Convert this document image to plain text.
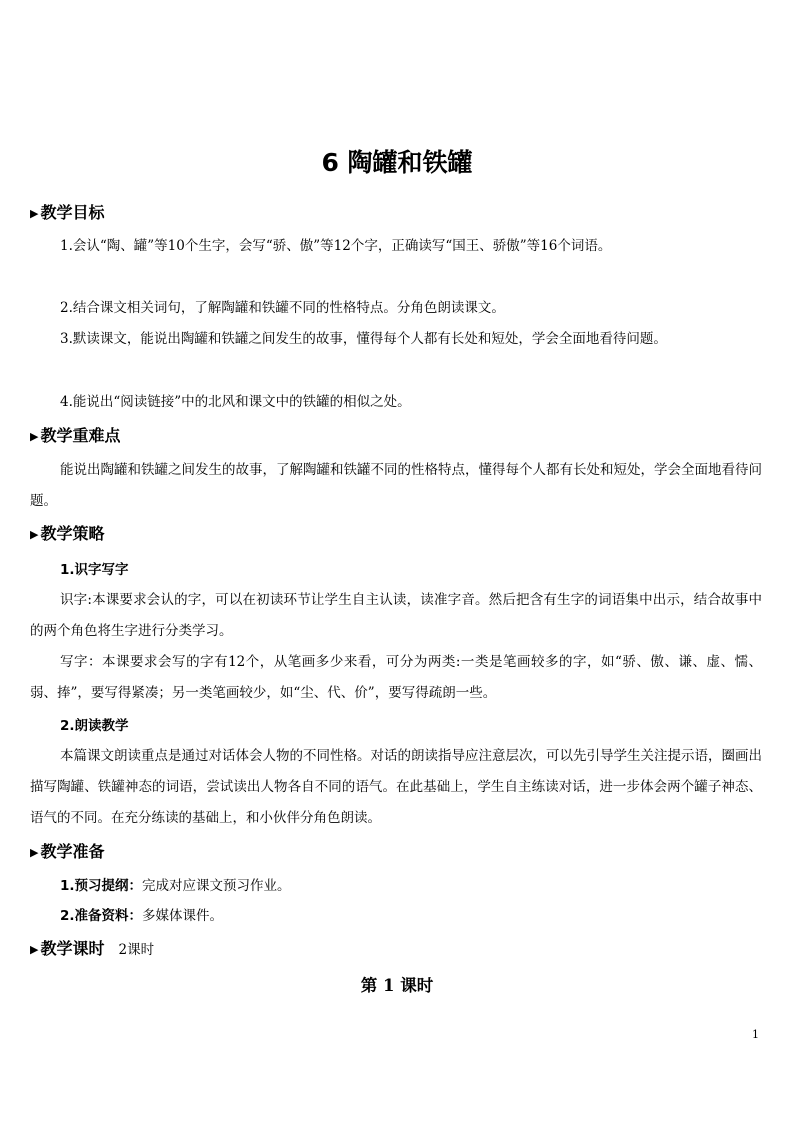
6 陶罐和铁罐
▶ 教学目标
1.会认“陶、罐”等10个生字，会写“骄、傲”等12个字，正确读写“国王、骄傲”等16个词语。
2.结合课文相关词句，了解陶罐和铁罐不同的性格特点。分角色朗读课文。
3.默读课文，能说出陶罐和铁罐之间发生的故事，懂得每个人都有长处和短处，学会全面地看待问题。
4.能说出“阅读链接”中的北风和课文中的铁罐的相似之处。
▶ 教学重难点
能说出陶罐和铁罐之间发生的故事，了解陶罐和铁罐不同的性格特点，懂得每个人都有长处和短处，学会全面地看待问题。
▶ 教学策略
1.识字写字
识字:本课要求会认的字，可以在初读环节让学生自主认读，读准字音。然后把含有生字的词语集中出示，结合故事中的两个角色将生字进行分类学习。
写字：本课要求会写的字有12个，从笔画多少来看，可分为两类:一类是笔画较多的字，如“骄、傲、谦、虚、懦、弱、捧”，要写得紧凑；另一类笔画较少，如“尘、代、价”，要写得疏朗一些。
2.朗读教学
本篇课文朗读重点是通过对话体会人物的不同性格。对话的朗读指导应注意层次，可以先引导学生关注提示语，圈画出描写陶罐、铁罐神态的词语，尝试读出人物各自不同的语气。在此基础上，学生自主练读对话，进一步体会两个罐子神态、语气的不同。在充分练读的基础上，和小伙伴分角色朗读。
▶ 教学准备
1.预习提纲：完成对应课文预习作业。
2.准备资料：多媒体课件。
▶ 教学课时 2课时
第 1 课时
1
